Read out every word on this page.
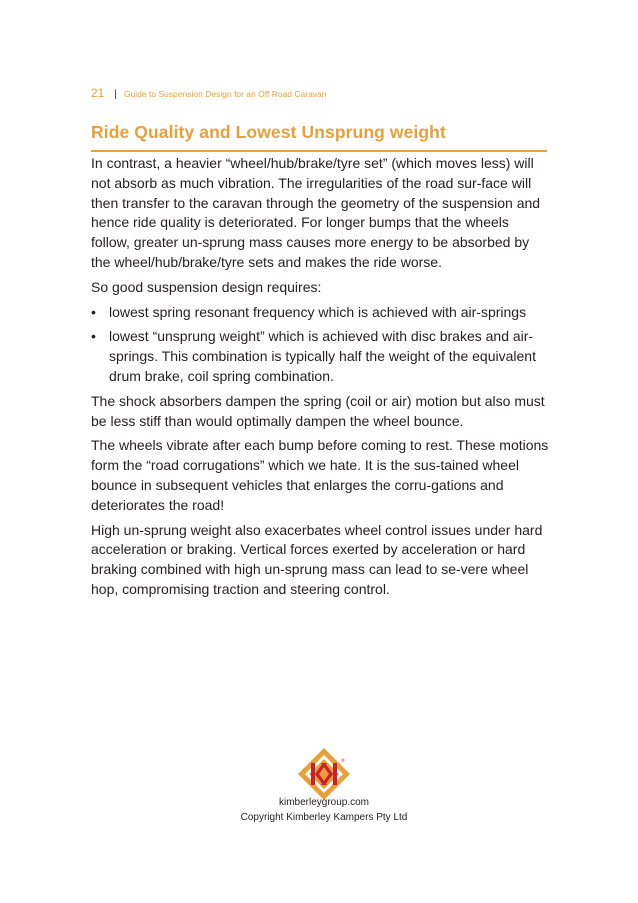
21 | Guide to Suspension Design for an Off Road Caravan
Ride Quality and Lowest Unsprung weight

In contrast, a heavier “wheel/hub/brake/tyre set” (which moves less) will not absorb as much vibration. The irregularities of the road sur-face will then transfer to the caravan through the geometry of the suspension and hence ride quality is deteriorated. For longer bumps that the wheels follow, greater un-sprung mass causes more energy to be absorbed by the wheel/hub/brake/tyre sets and makes the ride worse.

So good suspension design requires:

• lowest spring resonant frequency which is achieved with air-springs
• lowest “unsprung weight” which is achieved with disc brakes and air-springs. This combination is typically half the weight of the equivalent drum brake, coil spring combination.

The shock absorbers dampen the spring (coil or air) motion but also must be less stiff than would optimally dampen the wheel bounce.

The wheels vibrate after each bump before coming to rest. These motions form the “road corrugations” which we hate. It is the sus-tained wheel bounce in subsequent vehicles that enlarges the corru-gations and deteriorates the road!

High un-sprung weight also exacerbates wheel control issues under hard acceleration or braking. Vertical forces exerted by acceleration or hard braking combined with high un-sprung mass can lead to se-vere wheel hop, compromising traction and steering control.

®
kimberleygroup.com
Copyright Kimberley Kampers Pty Ltd
